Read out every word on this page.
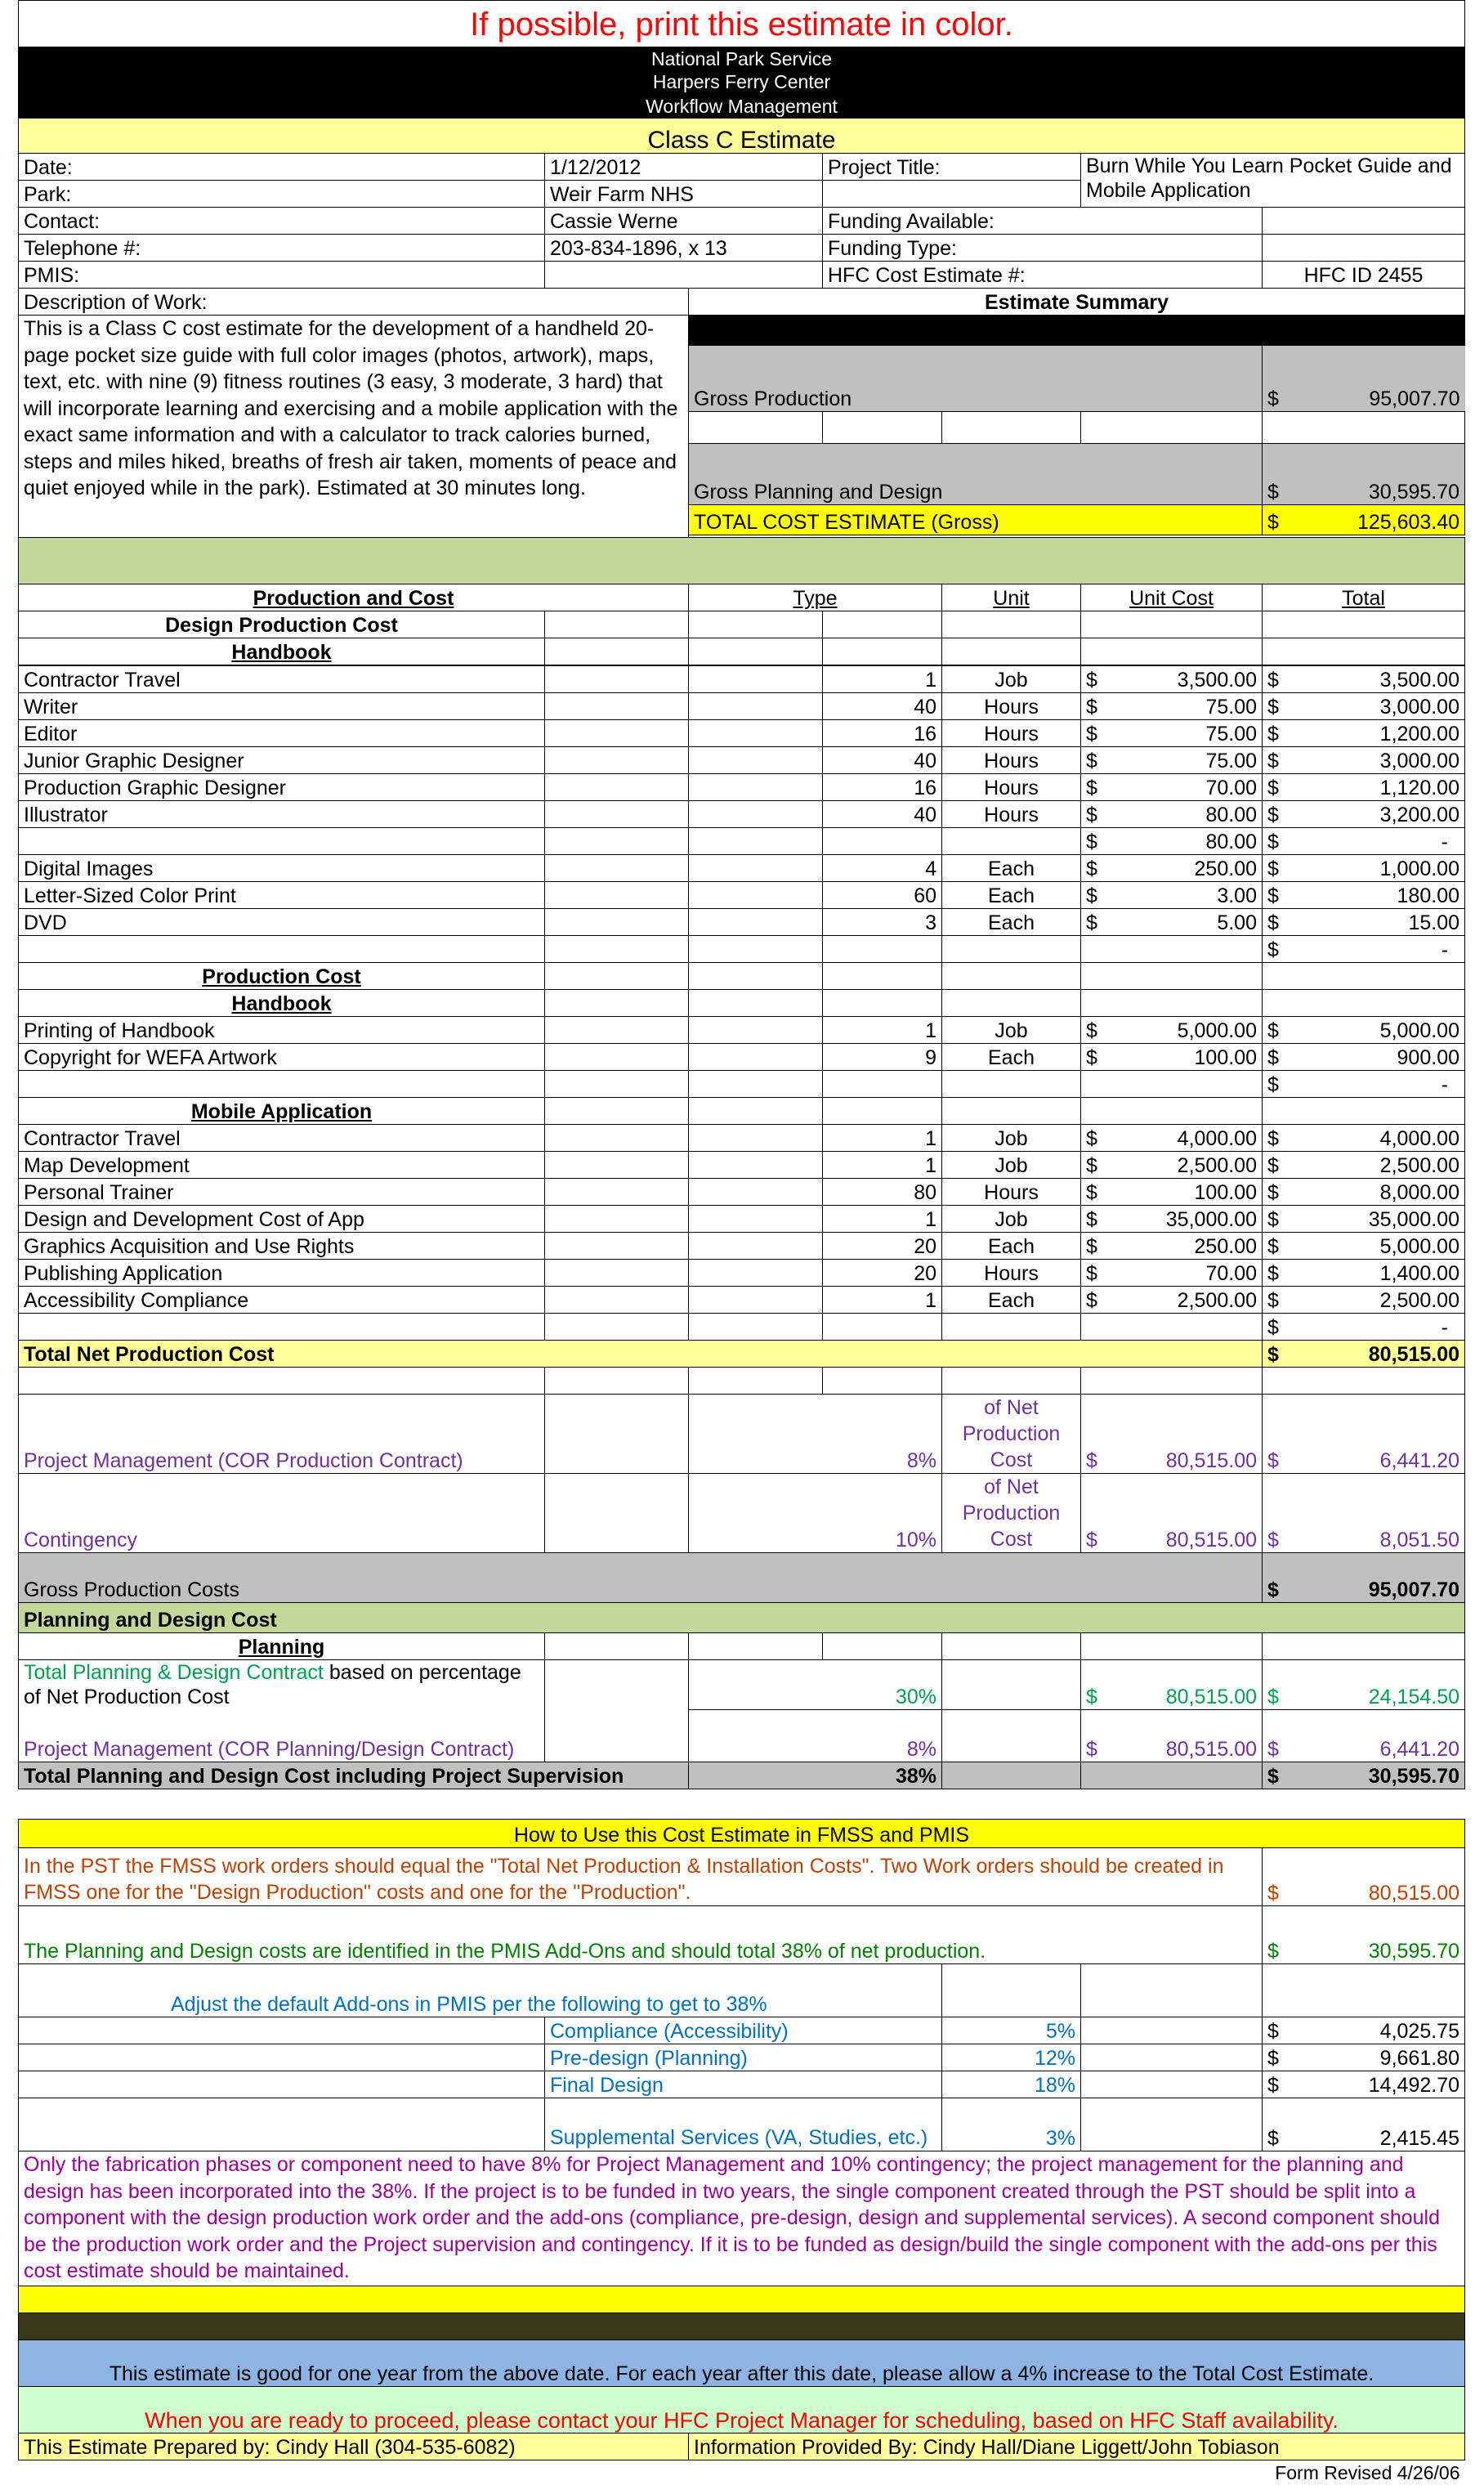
If possible, print this estimate in color.						
National Park Service						
Harpers Ferry Center						
Workflow Management						
Class C Estimate						
Date:	1/12/2012		Project Title:		Burn While You Learn Pocket Guide and Mobile Application	
Park:	Weir Farm NHS					
Contact:	Cassie Werne		Funding Available:			
Telephone #:	203-834-1896, x 13		Funding Type:			
PMIS:			HFC Cost Estimate #:			HFC ID 2455
Description of Work:		Estimate Summary				
This is a Class C cost estimate for the development of a handheld 20-page pocket size guide with full color images (photos, artwork), maps, text, etc. with nine (9) fitness routines (3 easy, 3 moderate, 3 hard) that will incorporate learning and exercising and a mobile application with the exact same information and with a calculator to track calories burned, steps and miles hiked, breaths of fresh air taken, moments of peace and quiet enjoyed while in the park). Estimated at 30 minutes long.						
		Gross Production				$ 95,007.70

		Gross Planning and Design				$ 30,595.70

		TOTAL COST ESTIMATE (Gross)				$ 125,603.40

Production and Cost		Type		Unit	Unit Cost	Total
Design Production Cost						
Handbook						
Contractor Travel			1	Job	$ 3,500.00	$ 3,500.00

Writer			40	Hours	$ 75.00	$ 3,000.00

Editor			16	Hours	$ 75.00	$ 1,200.00

Junior Graphic Designer			40	Hours	$ 75.00	$ 3,000.00

Production Graphic Designer			16	Hours	$ 70.00	$ 1,120.00

Illustrator			40	Hours	$ 80.00	$ 3,200.00

					$ 80.00	$ -

Digital Images			4	Each	$ 250.00	$ 1,000.00

Letter-Sized Color Print			60	Each	$ 3.00	$ 180.00

DVD			3	Each	$ 5.00	$ 15.00

						$ -

Production Cost						
Handbook						
Printing of Handbook			1	Job	$ 5,000.00	$ 5,000.00

Copyright for WEFA Artwork			9	Each	$ 100.00	$ 900.00

						$ -

Mobile Application						
Contractor Travel			1	Job	$ 4,000.00	$ 4,000.00

Map Development			1	Job	$ 2,500.00	$ 2,500.00

Personal Trainer			80	Hours	$ 100.00	$ 8,000.00

Design and Development Cost of App			1	Job	$ 35,000.00	$ 35,000.00

Graphics Acquisition and Use Rights			20	Each	$ 250.00	$ 5,000.00

Publishing Application			20	Hours	$ 70.00	$ 1,400.00

Accessibility Compliance			1	Each	$ 2,500.00	$ 2,500.00

						$ -

Total Net Production Cost						$ 80,515.00

Project Management (COR Production Contract)		8%		of Net Production Cost	$ 80,515.00	$ 6,441.20

Contingency		10%		of Net Production Cost	$ 80,515.00	$ 8,051.50

Gross Production Costs						$ 95,007.70

Planning and Design Cost						
Planning						
Total Planning & Design Contract based on percentage of Net Production Cost		30%			$ 80,515.00	$ 24,154.50

Project Management (COR Planning/Design Contract)		8%			$ 80,515.00	$ 6,441.20

Total Planning and Design Cost including Project Supervision		38%				$ 30,595.70

How to Use this Cost Estimate in FMSS and PMIS						
In the PST the FMSS work orders should equal the "Total Net Production & Installation Costs". Two Work orders should be created in FMSS one for the "Design Production" costs and one for the "Production".						$ 80,515.00

The Planning and Design costs are identified in the PMIS Add-Ons and should total 38% of net production.						$ 30,595.70

Adjust the default Add-ons in PMIS per the following to get to 38%						
	Compliance (Accessibility)			5%		$ 4,025.75

	Pre-design (Planning)			12%		$ 9,661.80

	Final Design			18%		$ 14,492.70

	Supplemental Services (VA, Studies, etc.)			3%		$ 2,415.45

Only the fabrication phases or component need to have 8% for Project Management and 10% contingency; the project management for the planning and design has been incorporated into the 38%. If the project is to be funded in two years, the single component created through the PST should be split into a component with the design production work order and the add-ons (compliance, pre-design, design and supplemental services). A second component should be the production work order and the Project supervision and contingency. If it is to be funded as design/build the single component with the add-ons per this cost estimate should be maintained.						

This estimate is good for one year from the above date. For each year after this date, please allow a 4% increase to the Total Cost Estimate.						
When you are ready to proceed, please contact your HFC Project Manager for scheduling, based on HFC Staff availability.						
This Estimate Prepared by: Cindy Hall (304-535-6082)		Information Provided By: Cindy Hall/Diane Liggett/John Tobiason				
Form Revised 4/26/06						
